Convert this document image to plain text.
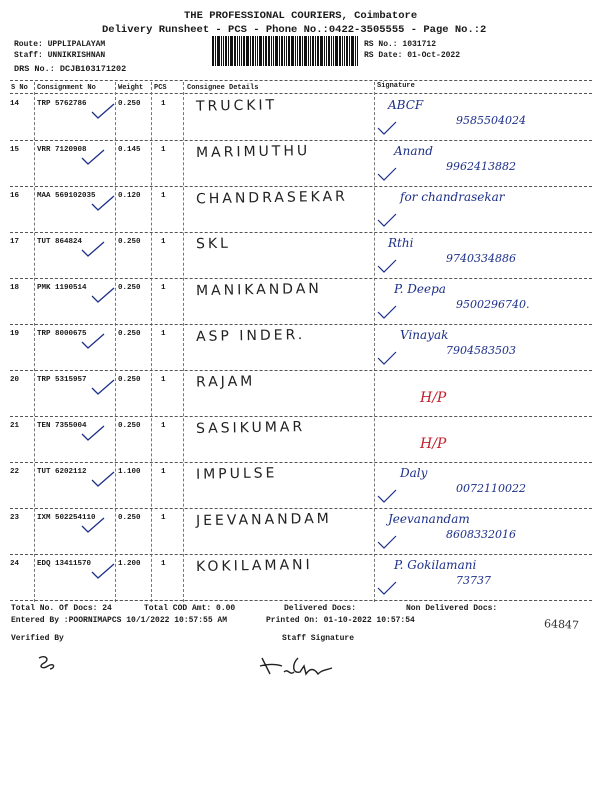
THE PROFESSIONAL COURIERS, Coimbatore
Delivery Runsheet - PCS - Phone No.:0422-3505555 - Page No.:2
Route: UPPLIPALAYAM
Staff: UNNIKRISHNAN
DRS No.: DCJB103171202
RS No.: 1031712
RS Date: 01-Oct-2022
S No Consignment No	Weight PCS	Consignee Details	Signature
14 TRP 5762786	0.250	1 TRUCKIT	ABCF
9585504024
15 VRR 7120908	0.145	1 MARIMUTHU	Anand
9962413882
16 MAA 569102035	0.120	1 CHANDRASEKAR	for chandrasekar
17 TUT 864824	0.250	1 SKL	Rthi
9740334886
18 PMK 1190514	0.250	1 MANIKANDAN	P. Deepa
9500296740.
19 TRP 8000675	0.250	1 ASP INDER.	Vinayak
7904583503
20 TRP 5315957	0.250	1 RAJAM
H/P
21 TEN 7355004	0.250	1 SASIKUMAR
H/P
22 TUT 6202112	1.100	1 IMPULSE	Daly
0072110022
23 IXM 502254110	0.250	1 JEEVANANDAM	Jeevanandam
8608332016
24 EDQ 13411570	1.200	1 KOKILAMANI	P. Gokilamani
73737
Total No. Of Docs: 24	Total COD Amt: 0.00	Delivered Docs:	Non Delivered Docs:
Entered By :POORNIMAPCS 10/1/2022 10:57:55 AM	Printed On: 01-10-2022 10:57:54	64847
Verified By	Staff Signature
